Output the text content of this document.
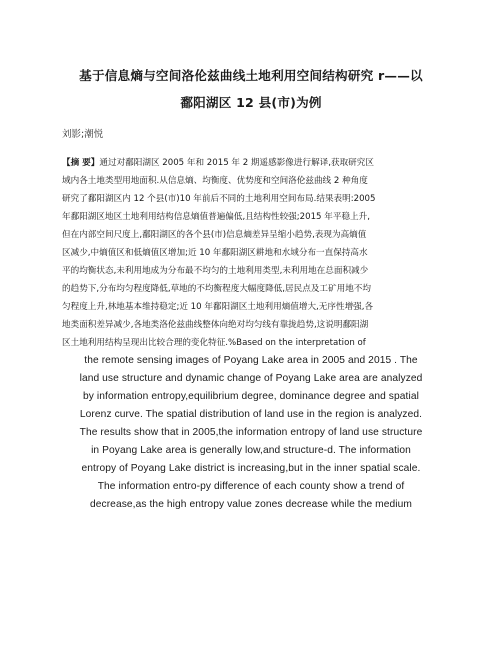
基于信息熵与空间洛伦兹曲线土地利用空间结构研究 r——以
鄱阳湖区 12 县(市)为例
刘影;潮悦
【摘 要】通过对鄱阳湖区 2005 年和 2015 年 2 期遥感影像进行解译,获取研究区
域内各土地类型用地面积.从信息熵、均衡度、优势度和空间洛伦兹曲线 2 种角度
研究了鄱阳湖区内 12 个县(市)10 年前后不同的土地利用空间布局.结果表明:2005
年鄱阳湖区地区土地利用结构信息熵值普遍偏低,且结构性较强;2015 年平稳上升,
但在内部空间尺度上,鄱阳湖区的各个县(市)信息熵差异呈缩小趋势,表现为高熵值
区减少,中熵值区和低熵值区增加;近 10 年鄱阳湖区耕地和水域分布一直保持高水
平的均衡状态,未利用地成为分布最不均匀的土地利用类型,未利用地在总面积减少
的趋势下,分布均匀程度降低,草地的不均衡程度大幅度降低,居民点及工矿用地不均
匀程度上升,林地基本维持稳定;近 10 年鄱阳湖区土地利用熵值增大,无序性增强,各
地类面积差异减少,各地类洛伦兹曲线整体向绝对均匀线有靠拢趋势,这说明鄱阳湖
区土地利用结构呈现出比较合理的变化特征.%Based on the interpretation of
the remote sensing images of Poyang Lake area in 2005 and 2015 . The
land use structure and dynamic change of Poyang Lake area are analyzed
by information entropy,equilibrium degree, dominance degree and spatial
Lorenz curve. The spatial distribution of land use in the region is analyzed.
The results show that in 2005,the information entropy of land use structure
in Poyang Lake area is generally low,and structure-d. The information
entropy of Poyang Lake district is increasing,but in the inner spatial scale.
The information entro-py difference of each county show a trend of
decrease,as the high entropy value zones decrease while the medium
